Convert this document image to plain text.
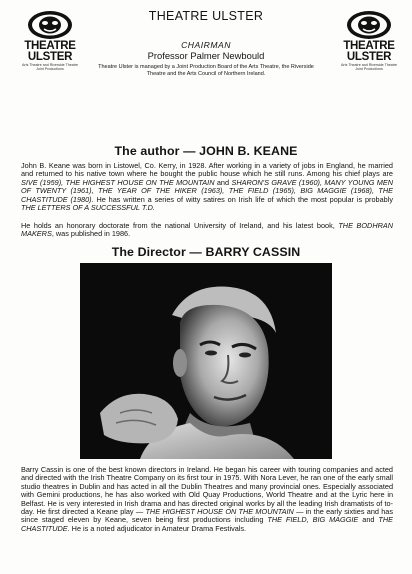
THEATRE
ULSTER
Arts Theatre and Riverside Theatre Joint Productions
THEATRE
ULSTER
Arts Theatre and Riverside Theatre Joint Productions
THEATRE ULSTER
CHAIRMAN
Professor Palmer Newbould
Theatre Ulster is managed by a Joint Production Board of the Arts Theatre, the Riverside Theatre and the Arts Council of Northern Ireland.
The author — JOHN B. KEANE
John B. Keane was born in Listowel, Co. Kerry, in 1928. After working in a variety of jobs in England, he married and returned to his native town where he bought the public house which he still runs. Among his chief plays are SIVE (1959), THE HIGHEST HOUSE ON THE MOUNTAIN and SHARON'S GRAVE (1960), MANY YOUNG MEN OF TWENTY (1961), THE YEAR OF THE HIKER (1963), THE FIELD (1965), BIG MAGGIE (1968), THE CHASTITUDE (1980). He has written a series of witty satires on Irish life of which the most popular is probably THE LETTERS OF A SUCCESSFUL T.D.
He holds an honorary doctorate from the national University of Ireland, and his latest book, THE BODHRAN MAKERS, was published in 1986.
The Director — BARRY CASSIN
Barry Cassin is one of the best known directors in Ireland. He began his career with touring companies and acted and directed with the Irish Theatre Company on its first tour in 1975. With Nora Lever, he ran one of the early small studio theatres in Dublin and has acted in all the Dublin Theatres and many provincial ones. Especially associated with Gemini productions, he has also worked with Old Quay Productions, World Theatre and at the Lyric here in Belfast. He is very interested in Irish drama and has directed original works by all the leading Irish dramatists of to-day. He first directed a Keane play — THE HIGHEST HOUSE ON THE MOUNTAIN — in the early sixties and has since staged eleven by Keane, seven being first productions including THE FIELD, BIG MAGGIE and THE CHASTITUDE. He is a noted adjudicator in Amateur Drama Festivals.
